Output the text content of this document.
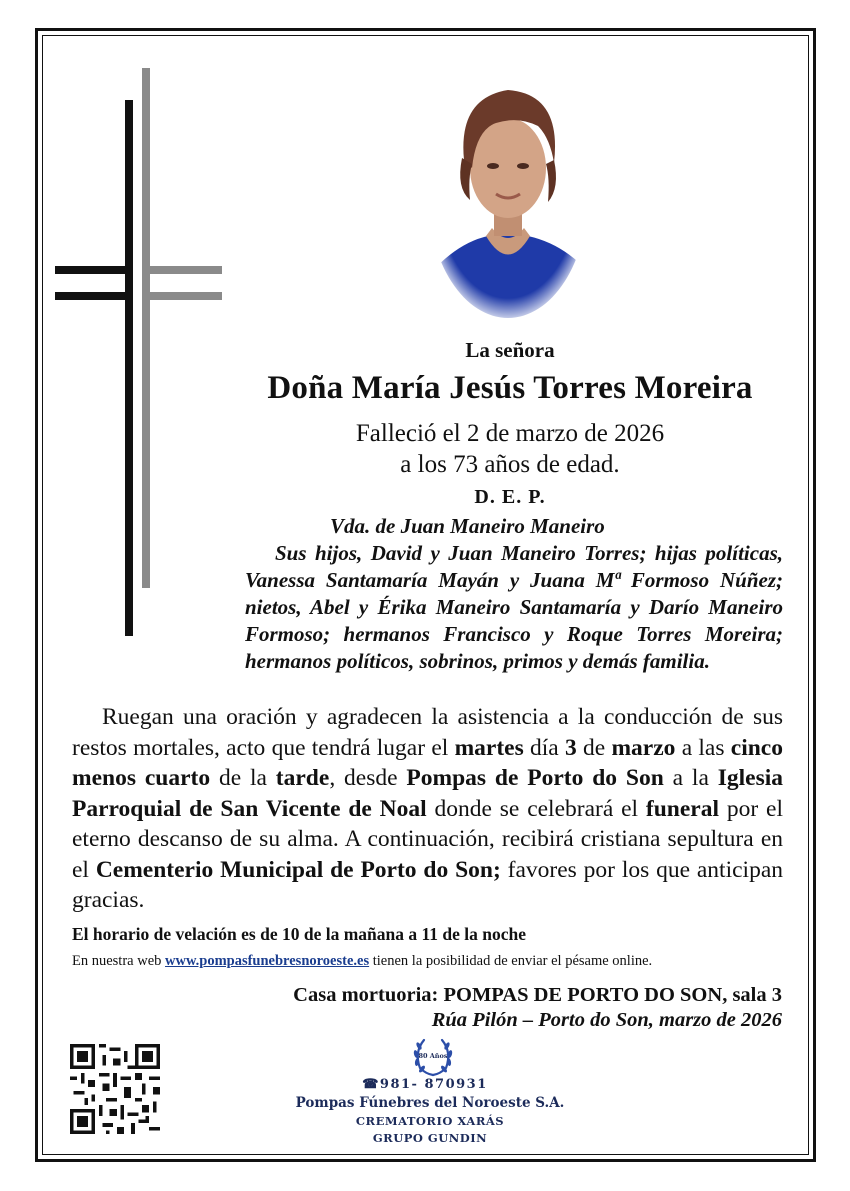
La señora
Doña María Jesús Torres Moreira
Falleció el 2 de marzo de 2026
a los 73 años de edad.
D. E. P.
Vda. de Juan Maneiro Maneiro
Sus hijos, David y Juan Maneiro Torres; hijas políticas, Vanessa Santamaría Mayán y Juana Mª Formoso Núñez; nietos, Abel y Érika Maneiro Santamaría y Darío Maneiro Formoso; hermanos Francisco y Roque Torres Moreira; hermanos políticos, sobrinos, primos y demás familia.
Ruegan una oración y agradecen la asistencia a la conducción de sus restos mortales, acto que tendrá lugar el martes día 3 de marzo a las cinco menos cuarto de la tarde, desde Pompas de Porto do Son a la Iglesia Parroquial de San Vicente de Noal donde se celebrará el funeral por el eterno descanso de su alma. A continuación, recibirá cristiana sepultura en el Cementerio Municipal de Porto do Son; favores por los que anticipan gracias.
El horario de velación es de 10 de la mañana a 11 de la noche
En nuestra web www.pompasfunebresnoroeste.es tienen la posibilidad de enviar el pésame online.
Casa mortuoria: POMPAS DE PORTO DO SON, sala 3
Rúa Pilón – Porto do Son, marzo de 2026
80 Años
☎981- 870931
Pompas Fúnebres del Noroeste S.A.
CREMATORIO XARÁS
GRUPO GUNDIN
